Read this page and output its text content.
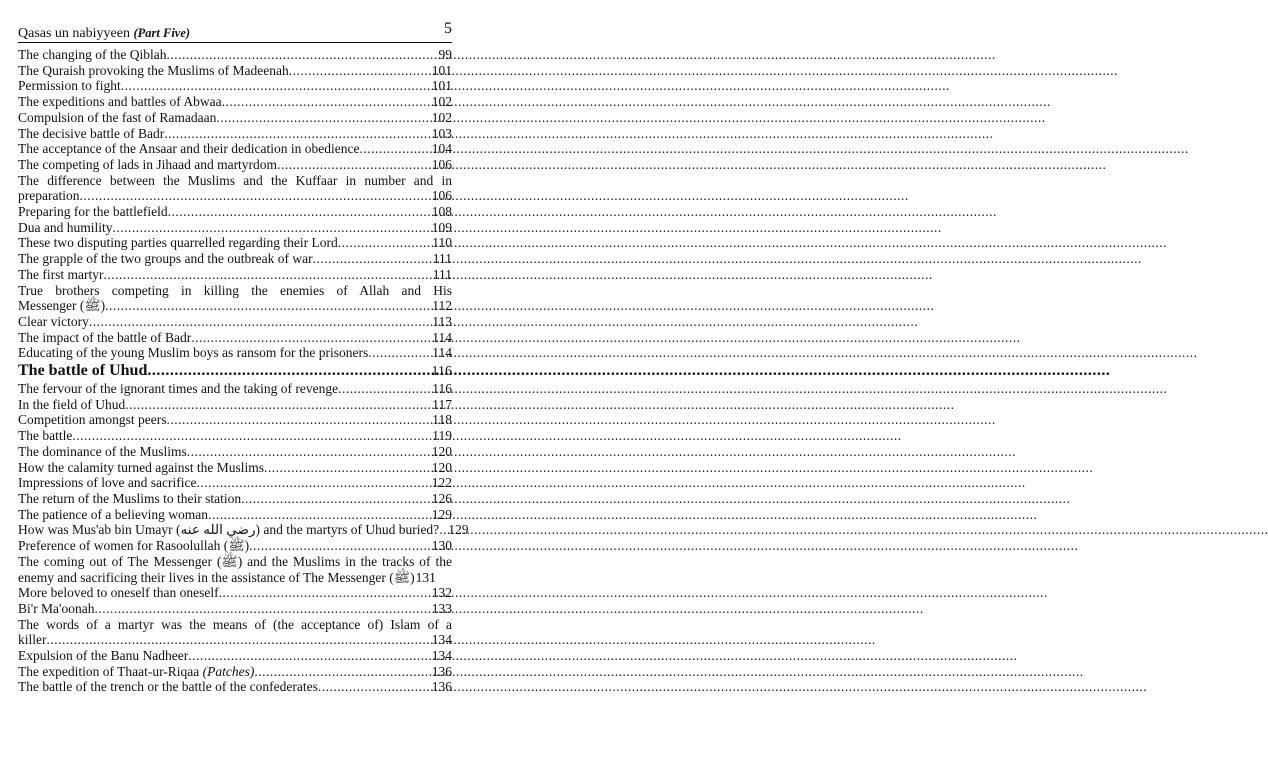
Qasas un nabiyyeen (Part Five)	5
The changing of the Qiblah .....	99
The Quraish provoking the Muslims of Madeenah .....	101
Permission to fight .....	101
The expeditions and battles of Abwaa .....	102
Compulsion of the fast of Ramadaan .....	102
The decisive battle of Badr .....	103
The acceptance of the Ansaar and their dedication in obedience .....	104
The competing of lads in Jihaad and martyrdom .....	106
The difference between the Muslims and the Kuffaar in number and in
preparation .....	106
Preparing for the battlefield .....	108
Dua and humility .....	109
These two disputing parties quarrelled regarding their Lord .....	110
The grapple of the two groups and the outbreak of war .....	111
The first martyr .....	111
True brothers competing in killing the enemies of Allah and His
Messenger (ﷺ) .....	112
Clear victory .....	113
The impact of the battle of Badr .....	114
Educating of the young Muslim boys as ransom for the prisoners .....	114
The battle of Uhud .....	116
The fervour of the ignorant times and the taking of revenge .....	116
In the field of Uhud .....	117
Competition amongst peers .....	118
The battle .....	119
The dominance of the Muslims .....	120
How the calamity turned against the Muslims .....	120
Impressions of love and sacrifice .....	122
The return of the Muslims to their station .....	126
The patience of a believing woman .....	129
How was Mus'ab bin Umayr (رضي الله عنه) and the martyrs of Uhud buried? ..... 129
Preference of women for Rasoolullah (ﷺ) .....	130
The coming out of The Messenger (ﷺ) and the Muslims in the tracks of the
enemy and sacrificing their lives in the assistance of The Messenger (ﷺ) 131
More beloved to oneself than oneself .....	132
Bi'r Ma'oonah .....	133
The words of a martyr was the means of (the acceptance of) Islam of a
killer .....	134
Expulsion of the Banu Nadheer .....	134
The expedition of Thaat-ur-Riqaa (Patches) .....	136
The battle of the trench or the battle of the confederates .....	136
